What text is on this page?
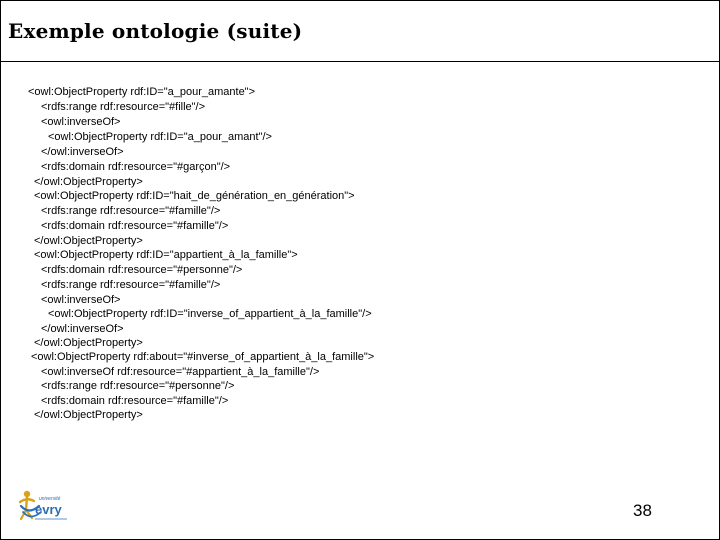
Exemple ontologie (suite)
<owl:ObjectProperty rdf:ID="a_pour_amante">
<rdfs:range rdf:resource="#fille"/>
<owl:inverseOf>
<owl:ObjectProperty rdf:ID="a_pour_amant"/>
</owl:inverseOf>
<rdfs:domain rdf:resource="#garçon"/>
</owl:ObjectProperty>
<owl:ObjectProperty rdf:ID="hait_de_génération_en_génération">
<rdfs:range rdf:resource="#famille"/>
<rdfs:domain rdf:resource="#famille"/>
</owl:ObjectProperty>
<owl:ObjectProperty rdf:ID="appartient_à_la_famille">
<rdfs:domain rdf:resource="#personne"/>
<rdfs:range rdf:resource="#famille"/>
<owl:inverseOf>
<owl:ObjectProperty rdf:ID="inverse_of_appartient_à_la_famille"/>
</owl:inverseOf>
</owl:ObjectProperty>
<owl:ObjectProperty rdf:about="#inverse_of_appartient_à_la_famille">
<owl:inverseOf rdf:resource="#appartient_à_la_famille"/>
<rdfs:range rdf:resource="#personne"/>
<rdfs:domain rdf:resource="#famille"/>
</owl:ObjectProperty>
université
evry	38
